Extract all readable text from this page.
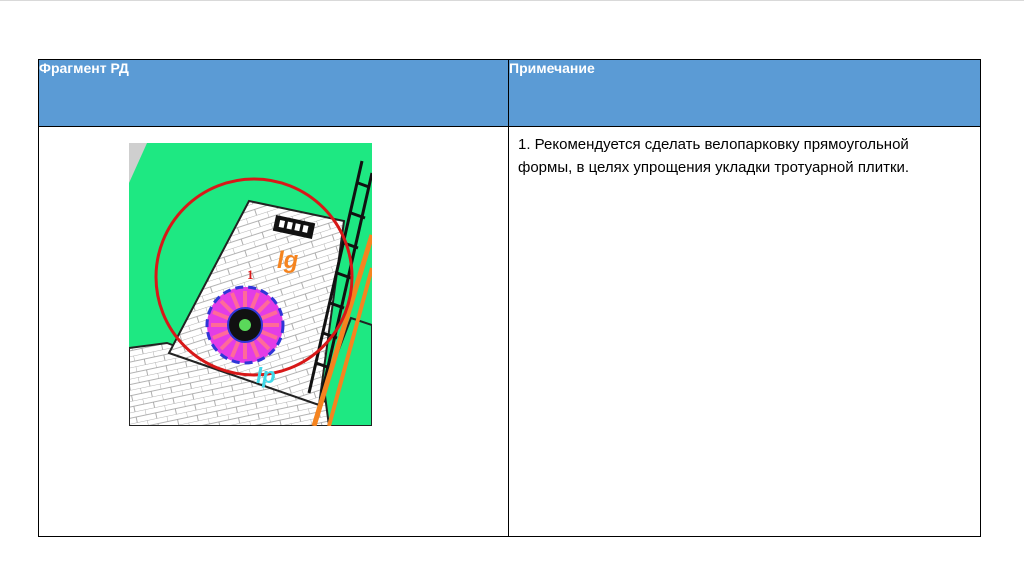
Фрагмент РД	Примечание

1
lg
lp	1. Рекомендуется сделать велопарковку прямоугольной формы, в целях упрощения укладки тротуарной плитки.
